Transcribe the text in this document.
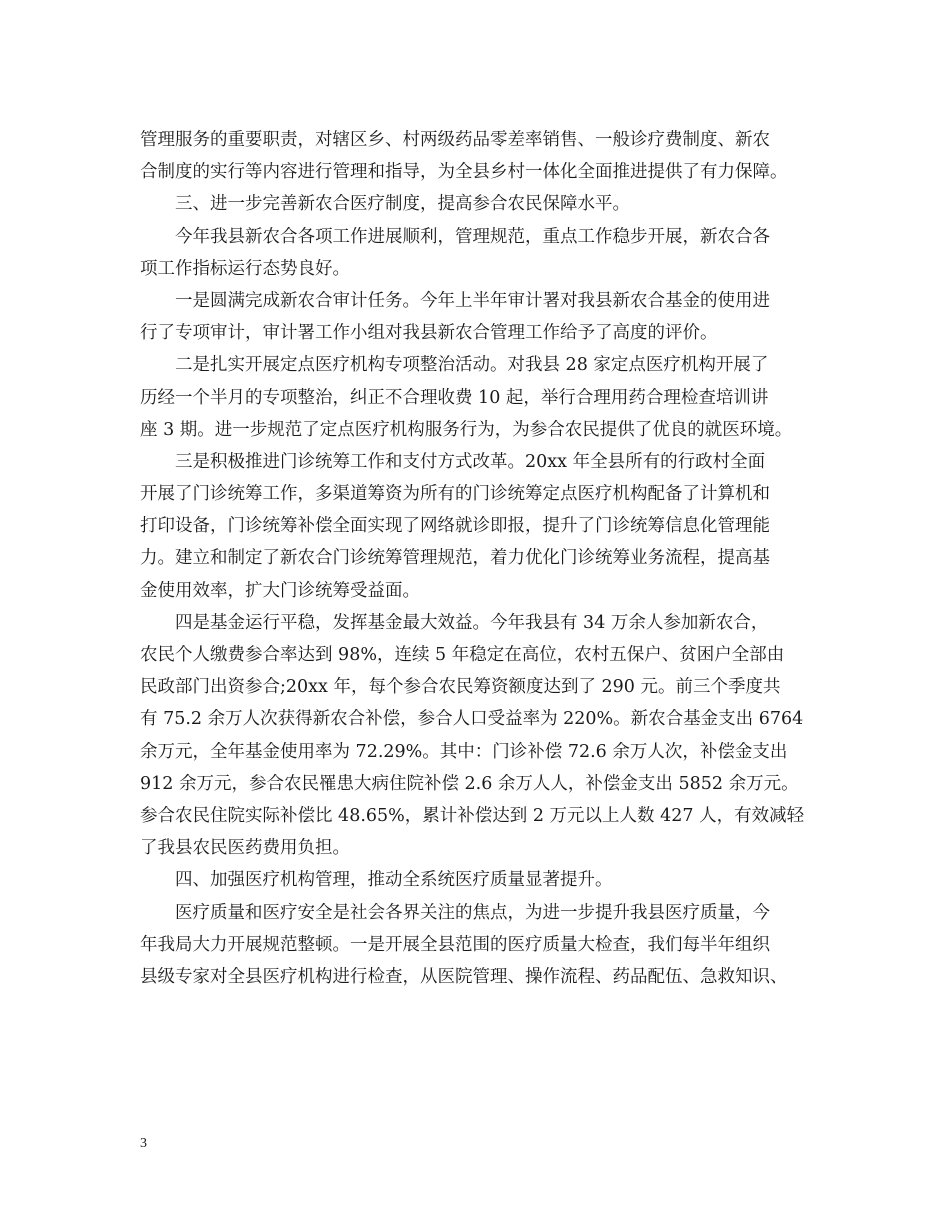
管理服务的重要职责，对辖区乡、村两级药品零差率销售、一般诊疗费制度、新农
合制度的实行等内容进行管理和指导，为全县乡村一体化全面推进提供了有力保障。
三、进一步完善新农合医疗制度，提高参合农民保障水平。
今年我县新农合各项工作进展顺利，管理规范，重点工作稳步开展，新农合各
项工作指标运行态势良好。
一是圆满完成新农合审计任务。今年上半年审计署对我县新农合基金的使用进
行了专项审计，审计署工作小组对我县新农合管理工作给予了高度的评价。
二是扎实开展定点医疗机构专项整治活动。对我县 28 家定点医疗机构开展了
历经一个半月的专项整治，纠正不合理收费 10 起，举行合理用药合理检查培训讲
座 3 期。进一步规范了定点医疗机构服务行为，为参合农民提供了优良的就医环境。
三是积极推进门诊统筹工作和支付方式改革。20xx 年全县所有的行政村全面
开展了门诊统筹工作，多渠道筹资为所有的门诊统筹定点医疗机构配备了计算机和
打印设备，门诊统筹补偿全面实现了网络就诊即报，提升了门诊统筹信息化管理能
力。建立和制定了新农合门诊统筹管理规范，着力优化门诊统筹业务流程，提高基
金使用效率，扩大门诊统筹受益面。
四是基金运行平稳，发挥基金最大效益。今年我县有 34 万余人参加新农合，
农民个人缴费参合率达到 98%，连续 5 年稳定在高位，农村五保户、贫困户全部由
民政部门出资参合;20xx 年，每个参合农民筹资额度达到了 290 元。前三个季度共
有 75.2 余万人次获得新农合补偿，参合人口受益率为 220%。新农合基金支出 6764
余万元，全年基金使用率为 72.29%。其中：门诊补偿 72.6 余万人次，补偿金支出
912 余万元，参合农民罹患大病住院补偿 2.6 余万人人，补偿金支出 5852 余万元。
参合农民住院实际补偿比 48.65%，累计补偿达到 2 万元以上人数 427 人，有效减轻
了我县农民医药费用负担。
四、加强医疗机构管理，推动全系统医疗质量显著提升。
医疗质量和医疗安全是社会各界关注的焦点，为进一步提升我县医疗质量，今
年我局大力开展规范整顿。一是开展全县范围的医疗质量大检查，我们每半年组织
县级专家对全县医疗机构进行检查，从医院管理、操作流程、药品配伍、急救知识、
3
